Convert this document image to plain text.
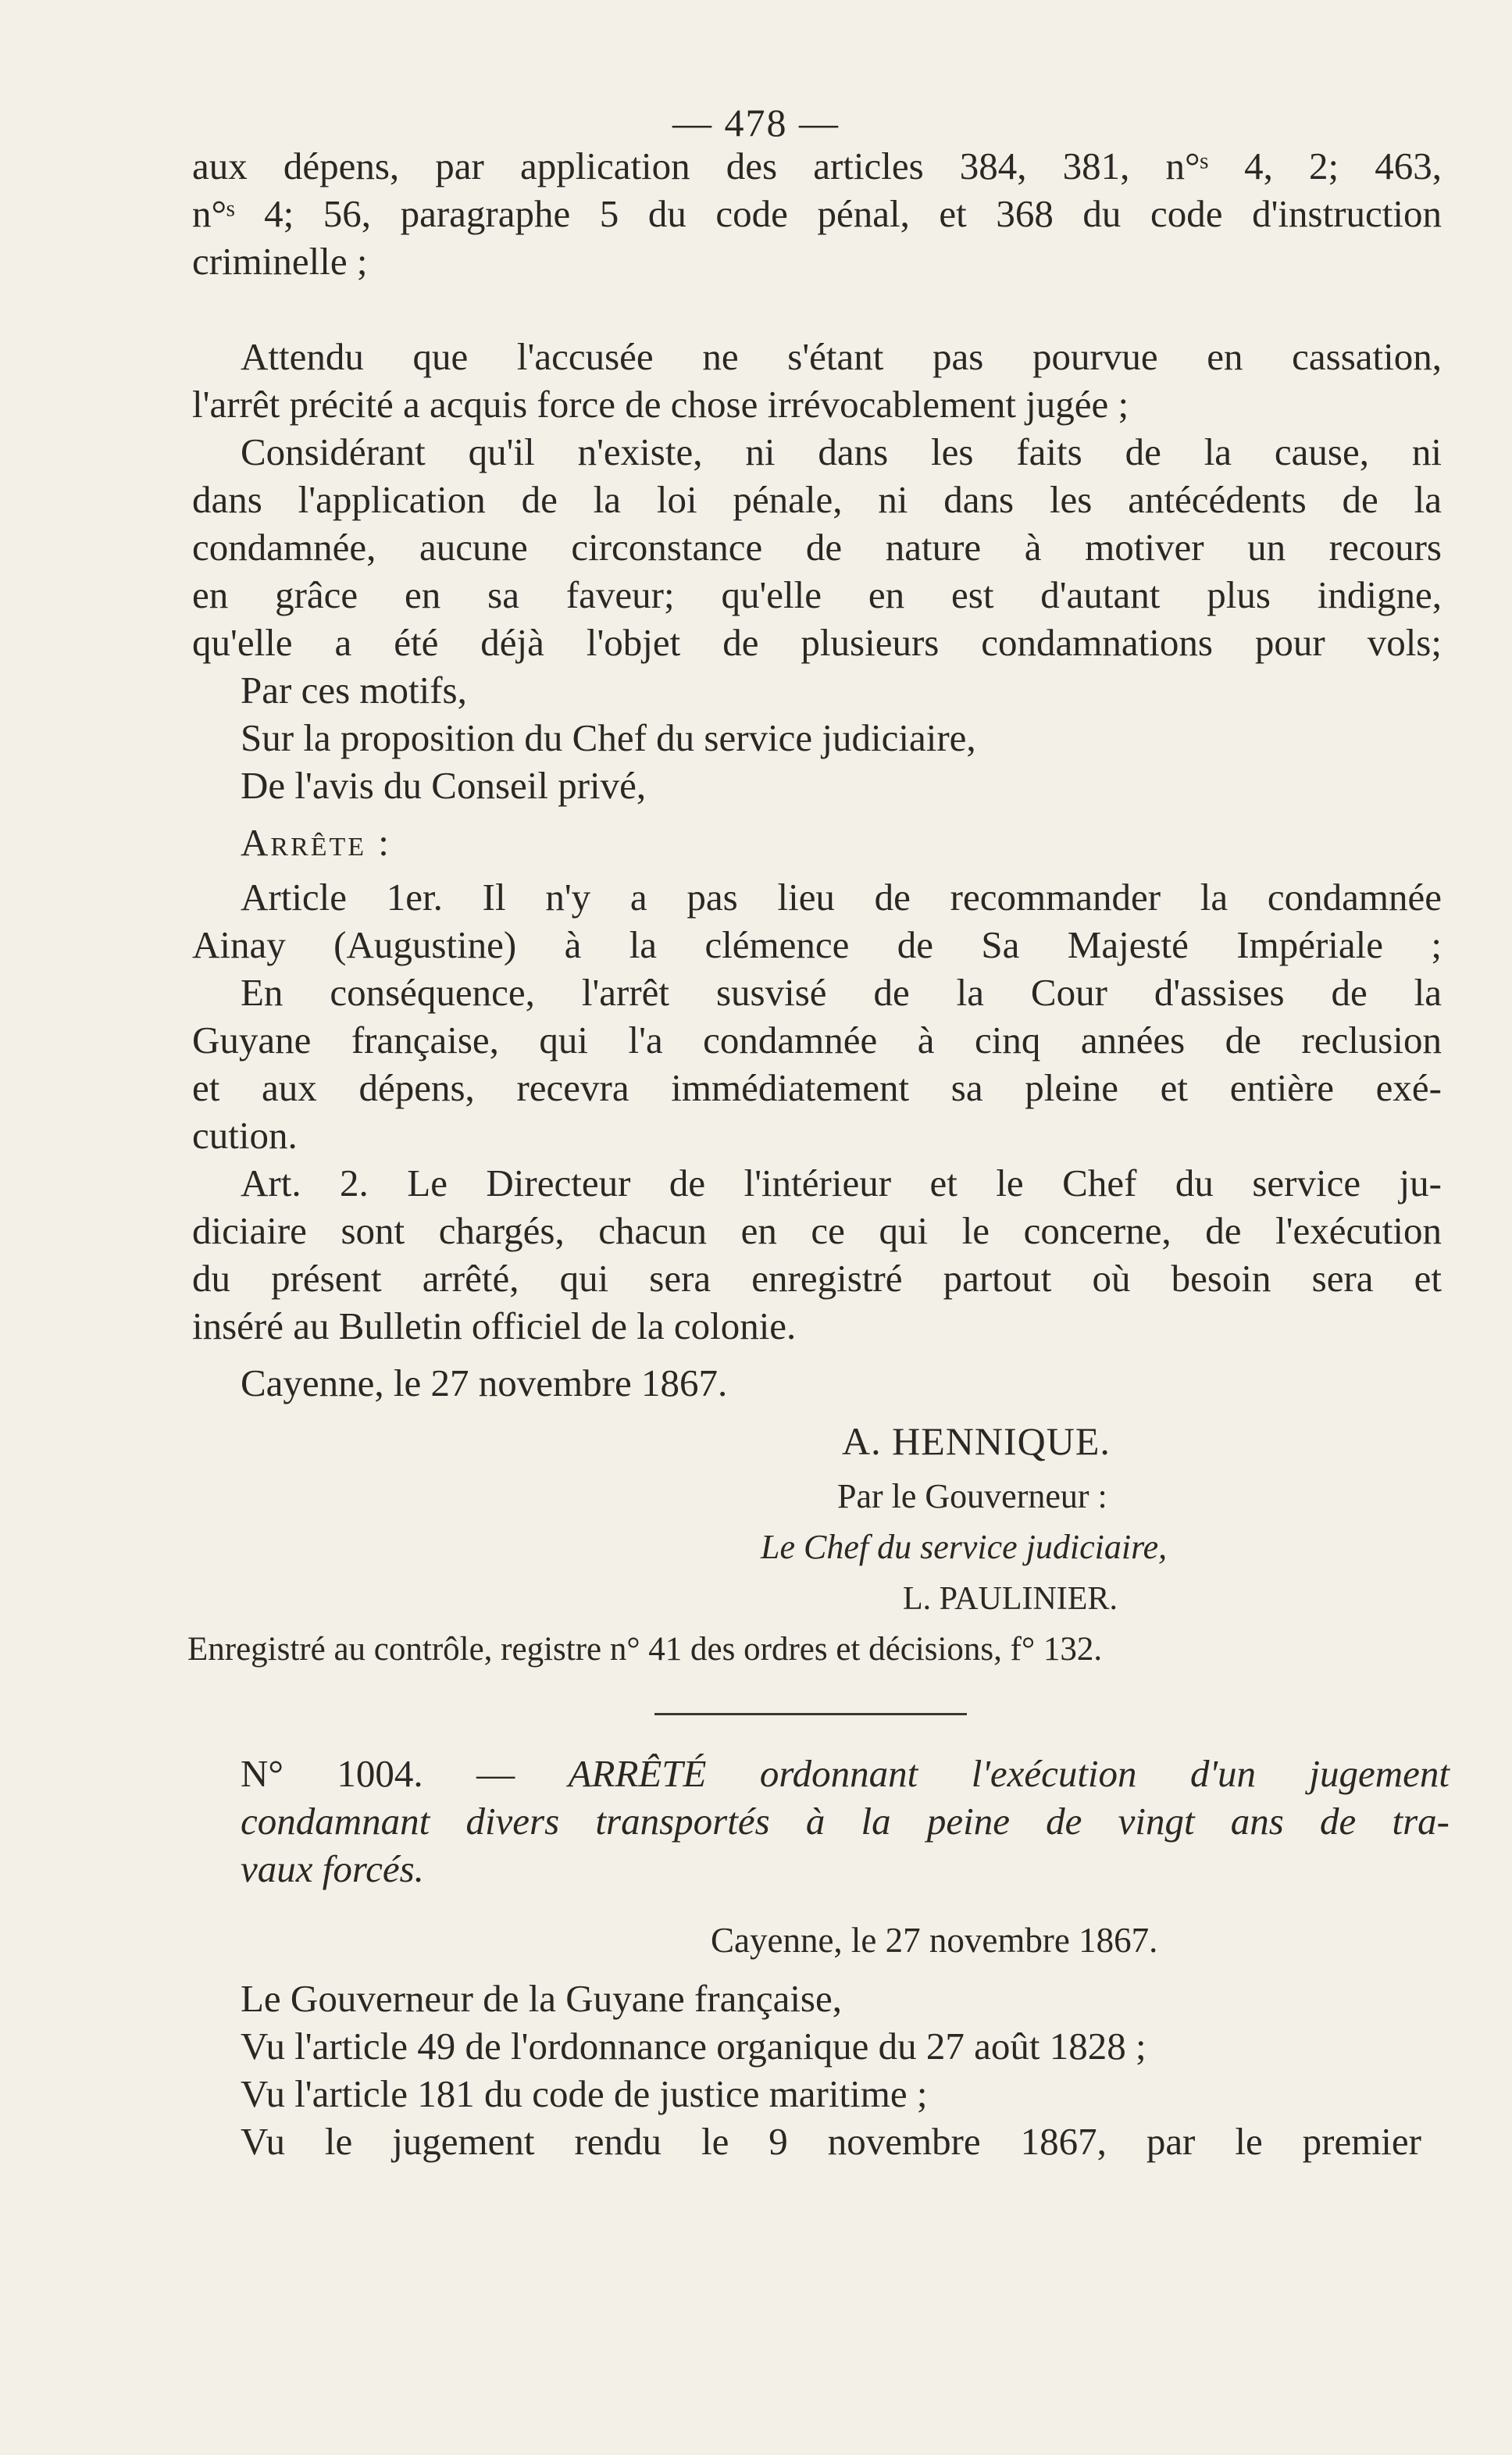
— 478 —
aux dépens, par application des articles 384, 381, n°ˢ 4, 2; 463,
n°ˢ 4; 56, paragraphe 5 du code pénal, et 368 du code d'instruction
criminelle ;
Attendu que l'accusée ne s'étant pas pourvue en cassation,
l'arrêt précité a acquis force de chose irrévocablement jugée ;
Considérant qu'il n'existe, ni dans les faits de la cause, ni
dans l'application de la loi pénale, ni dans les antécédents de la
condamnée, aucune circonstance de nature à motiver un recours
en grâce en sa faveur; qu'elle en est d'autant plus indigne,
qu'elle a été déjà l'objet de plusieurs condamnations pour vols;
Par ces motifs,
Sur la proposition du Chef du service judiciaire,
De l'avis du Conseil privé,
Arrête :
Article 1er. Il n'y a pas lieu de recommander la condamnée
Ainay (Augustine) à la clémence de Sa Majesté Impériale ;
En conséquence, l'arrêt susvisé de la Cour d'assises de la
Guyane française, qui l'a condamnée à cinq années de reclusion
et aux dépens, recevra immédiatement sa pleine et entière exé-
cution.
Art. 2. Le Directeur de l'intérieur et le Chef du service ju-
diciaire sont chargés, chacun en ce qui le concerne, de l'exécution
du présent arrêté, qui sera enregistré partout où besoin sera et
inséré au Bulletin officiel de la colonie.
Cayenne, le 27 novembre 1867.
A. HENNIQUE.
Par le Gouverneur :
Le Chef du service judiciaire,
L. PAULINIER.
Enregistré au contrôle, registre n° 41 des ordres et décisions, f° 132.
N° 1004. — ARRÊTÉ ordonnant l'exécution d'un jugement
condamnant divers transportés à la peine de vingt ans de tra-
vaux forcés.
Cayenne, le 27 novembre 1867.
Le Gouverneur de la Guyane française,
Vu l'article 49 de l'ordonnance organique du 27 août 1828 ;
Vu l'article 181 du code de justice maritime ;
Vu le jugement rendu le 9 novembre 1867, par le premier
